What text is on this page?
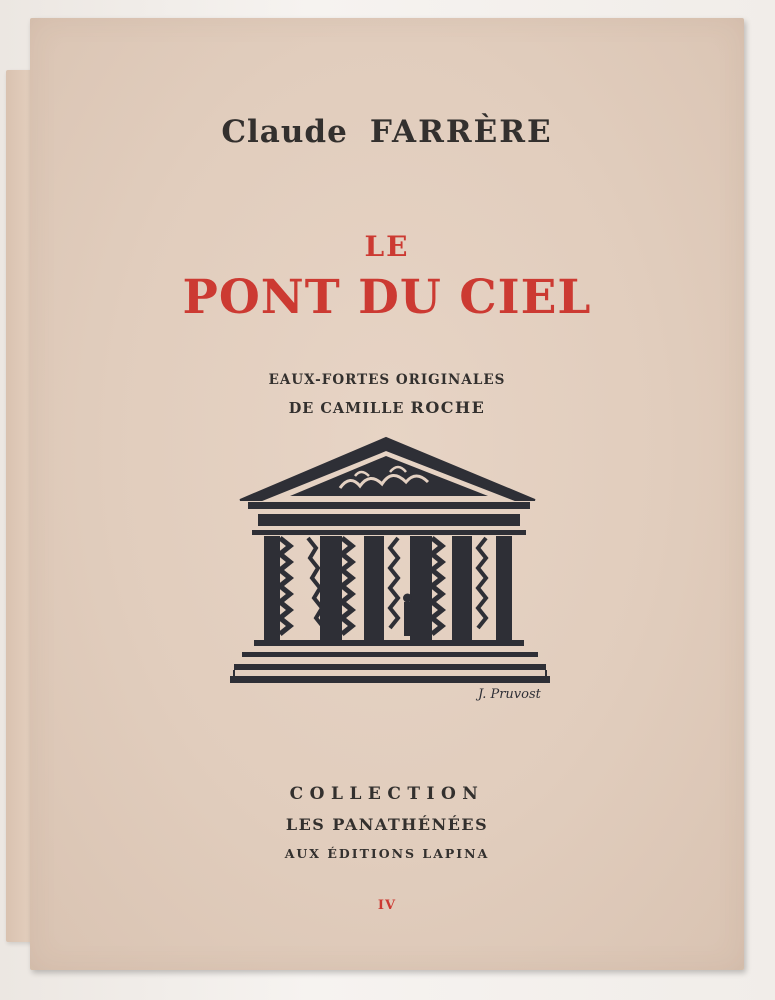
Claude FARRÈRE
LE
PONT DU CIEL
EAUX-FORTES ORIGINALES
DE CAMILLE ROCHE
J. Pruvost
COLLECTION
LES PANATHÉNÉES
AUX ÉDITIONS LAPINA
IV
